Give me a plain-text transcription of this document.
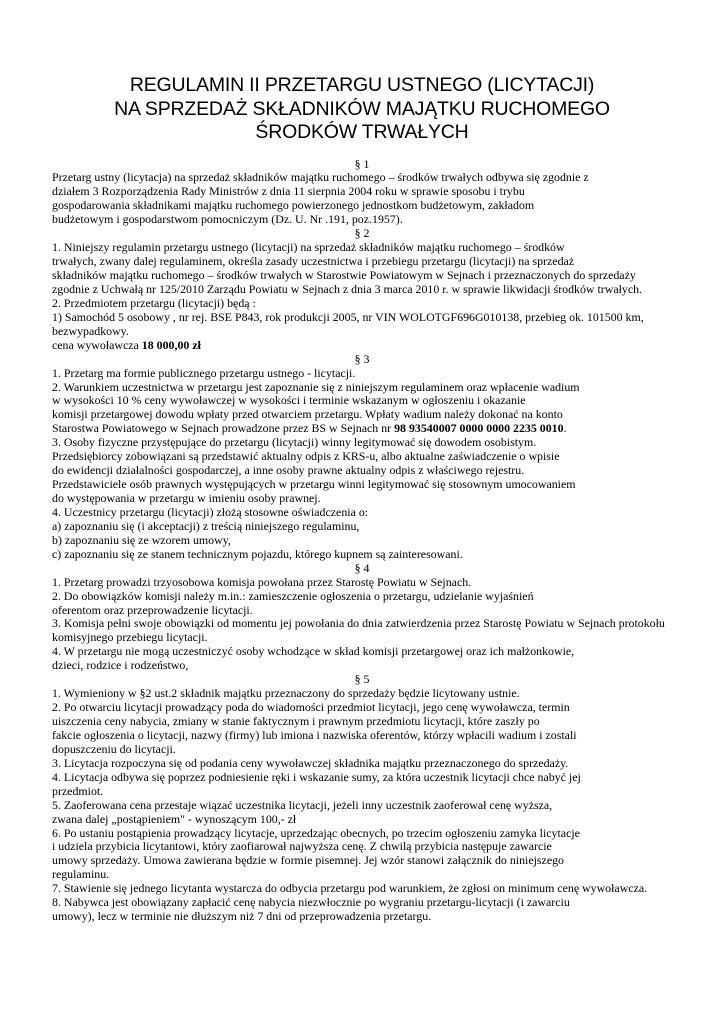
REGULAMIN II PRZETARGU USTNEGO (LICYTACJI)
NA SPRZEDAŻ SKŁADNIKÓW MAJĄTKU RUCHOMEGO
ŚRODKÓW TRWAŁYCH
§ 1
Przetarg ustny (licytacja) na sprzedaż składników majątku ruchomego – środków trwałych odbywa się zgodnie z
działem 3 Rozporządzenia Rady Ministrów z dnia 11 sierpnia 2004 roku w sprawie sposobu i trybu
gospodarowania składnikami majątku ruchomego powierzonego jednostkom budżetowym, zakładom
budżetowym i gospodarstwom pomocniczym (Dz. U. Nr .191, poz.1957).
§ 2
1. Niniejszy regulamin przetargu ustnego (licytacji) na sprzedaż składników majątku ruchomego – środków
trwałych, zwany dalej regulaminem, określa zasady uczestnictwa i przebiegu przetargu (licytacji) na sprzedaż
składników majątku ruchomego – środków trwałych w Starostwie Powiatowym w Sejnach i przeznaczonych do sprzedaży
zgodnie z Uchwałą nr 125/2010 Zarządu Powiatu w Sejnach z dnia 3 marca 2010 r. w sprawie likwidacji środków trwałych.
2. Przedmiotem przetargu (licytacji) będą :
1) Samochód 5 osobowy , nr rej. BSE P843, rok produkcji 2005, nr VIN WOLOTGF696G010138, przebieg ok. 101500 km,
bezwypadkowy.
cena wywoławcza 18 000,00 zł
§ 3
1. Przetarg ma formie publicznego przetargu ustnego - licytacji.
2. Warunkiem uczestnictwa w przetargu jest zapoznanie się z niniejszym regulaminem oraz wpłacenie wadium
w wysokości 10 % ceny wywoławczej w wysokości i terminie wskazanym w ogłoszeniu i okazanie
komisji przetargowej dowodu wpłaty przed otwarciem przetargu. Wpłaty wadium należy dokonać na konto
Starostwa Powiatowego w Sejnach prowadzone przez BS w Sejnach nr 98 93540007 0000 0000 2235 0010.
3. Osoby fizyczne przystępujące do przetargu (licytacji) winny legitymować się dowodem osobistym.
Przedsiębiorcy zobowiązani są przedstawić aktualny odpis z KRS-u, albo aktualne zaświadczenie o wpisie
do ewidencji działalności gospodarczej, a inne osoby prawne aktualny odpis z właściwego rejestru.
Przedstawiciele osób prawnych występujących w przetargu winni legitymować się stosownym umocowaniem
do występowania w przetargu w imieniu osoby prawnej.
4. Uczestnicy przetargu (licytacji) złożą stosowne oświadczenia o:
a) zapoznaniu się (i akceptacji) z treścią niniejszego regulaminu,
b) zapoznaniu się ze wzorem umowy,
c) zapoznaniu się ze stanem technicznym pojazdu, którego kupnem są zainteresowani.
§ 4
1. Przetarg prowadzi trzyosobowa komisja powołana przez Starostę Powiatu w Sejnach.
2. Do obowiązków komisji należy m.in.: zamieszczenie ogłoszenia o przetargu, udzielanie wyjaśnień
oferentom oraz przeprowadzenie licytacji.
3. Komisja pełni swoje obowiązki od momentu jej powołania do dnia zatwierdzenia przez Starostę Powiatu w Sejnach protokołu
komisyjnego przebiegu licytacji.
4. W przetargu nie mogą uczestniczyć osoby wchodzące w skład komisji przetargowej oraz ich małżonkowie,
dzieci, rodzice i rodzeństwo,
§ 5
1. Wymieniony w §2 ust.2 składnik majątku przeznaczony do sprzedaży będzie licytowany ustnie.
2. Po otwarciu licytacji prowadzący poda do wiadomości przedmiot licytacji, jego cenę wywoławcza, termin
uiszczenia ceny nabycia, zmiany w stanie faktycznym i prawnym przedmiotu licytacji, które zaszły po
fakcie ogłoszenia o licytacji, nazwy (firmy) lub imiona i nazwiska oferentów, którzy wpłacili wadium i zostali
dopuszczeniu do licytacji.
3. Licytacja rozpoczyna się od podania ceny wywoławczej składnika majątku przeznaczonego do sprzedaży.
4. Licytacja odbywa się poprzez podniesienie ręki i wskazanie sumy, za która uczestnik licytacji chce nabyć jej
przedmiot.
5. Zaoferowana cena przestaje wiązać uczestnika licytacji, jeżeli inny uczestnik zaoferował cenę wyższa,
zwana dalej „postąpieniem" - wynoszącym 100,- zł
6. Po ustaniu postąpienia prowadzący licytacje, uprzedzając obecnych, po trzecim ogłoszeniu zamyka licytacje
i udziela przybicia licytantowi, który zaofiarował najwyższa cenę. Z chwilą przybicia następuje zawarcie
umowy sprzedaży. Umowa zawierana będzie w formie pisemnej. Jej wzór stanowi załącznik do niniejszego
regulaminu.
7. Stawienie się jednego licytanta wystarcza do odbycia przetargu pod warunkiem, że zgłosi on minimum cenę wywoławcza.
8. Nabywca jest obowiązany zapłacić cenę nabycia niezwłocznie po wygraniu przetargu-licytacji (i zawarciu
umowy), lecz w terminie nie dłuższym niż 7 dni od przeprowadzenia przetargu.
